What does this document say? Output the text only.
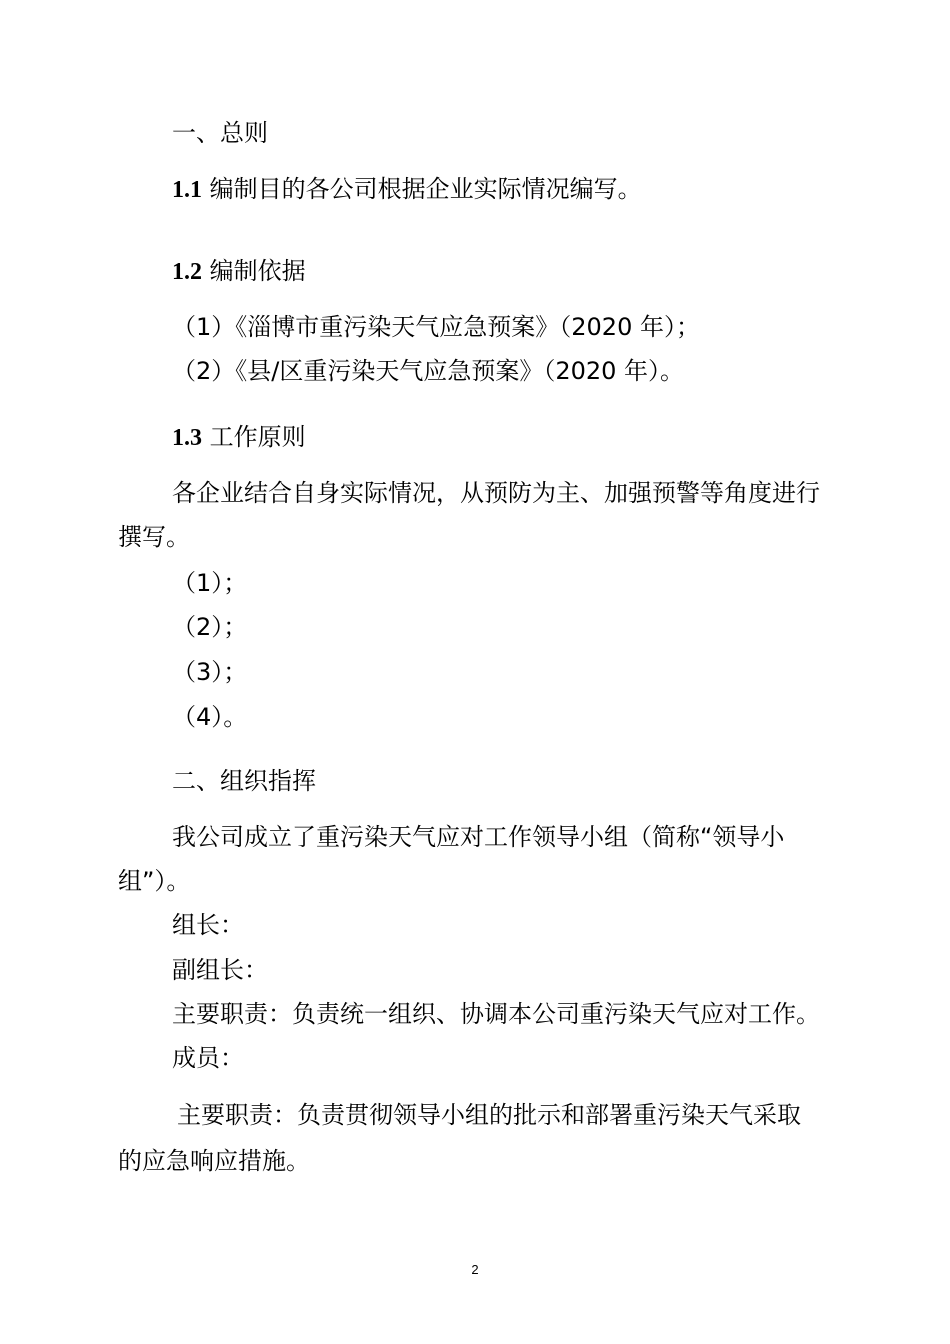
一、总则
1.1 编制目的各公司根据企业实际情况编写。
1.2 编制依据
（1）《淄博市重污染天气应急预案》（2020 年）；
（2）《县/区重污染天气应急预案》（2020 年）。
1.3 工作原则
各企业结合自身实际情况，从预防为主、加强预警等角度进行
撰写。
（1）；
（2）；
（3）；
（4）。
二、组织指挥
我公司成立了重污染天气应对工作领导小组（简称“领导小
组”）。
组长：
副组长：
主要职责：负责统一组织、协调本公司重污染天气应对工作。
成员：
主要职责：负责贯彻领导小组的批示和部署重污染天气采取
的应急响应措施。
2
